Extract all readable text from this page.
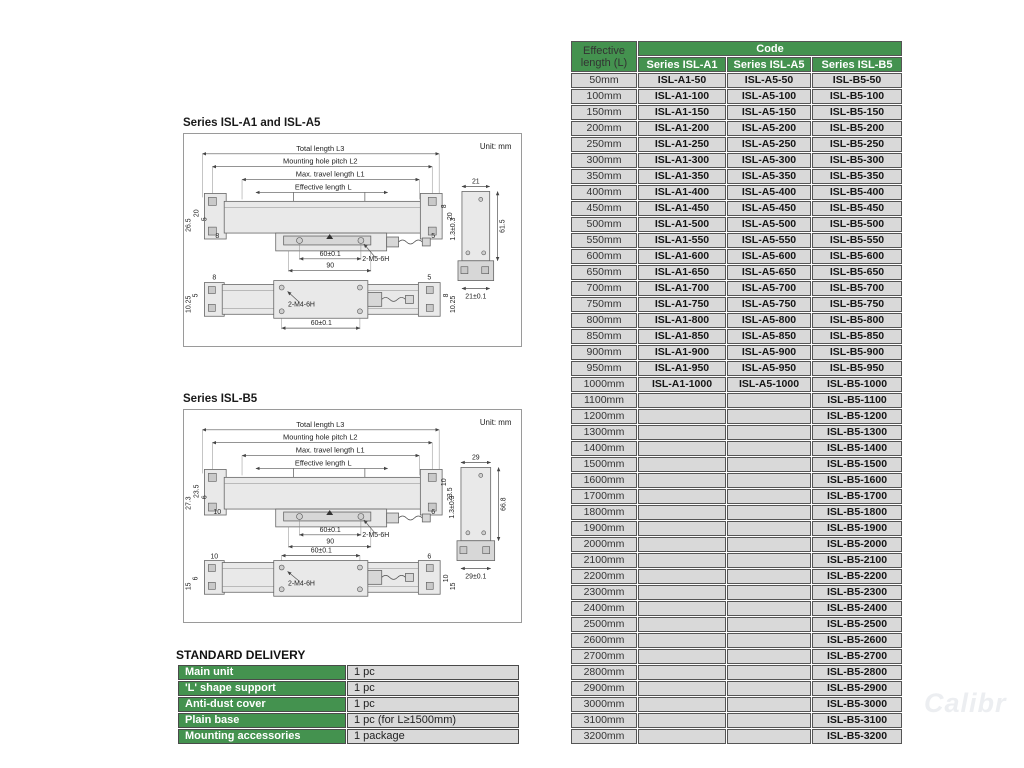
Series ISL-A1 and ISL-A5
Unit: mm
Total length L3
Mounting hole pitch L2
Max. travel length L1
Effective length L
60±0.1
90
2-M5-6H
20
5
26.5
8
8
20
5
2-M4-6H
60±0.1
8
5
10.25
5
8
10.25
21
1.3±0.3	61.5
21±0.1
Series ISL-B5
Unit: mm
Total length L3
Mounting hole pitch L2
Max. travel length L1
Effective length L
60±0.1
90
2-M5-6H
23.5 6
27.3
10
10
23.5
6
60±0.1
2-M4-6H
10
6
15
6
10
15
29
1.3±0.3	66.8
29±0.1
STANDARD DELIVERY
Main unit	1 pc
'L' shape support	1 pc
Anti-dust cover	1 pc
Plain base	1 pc (for L≥1500mm)
Mounting accessories	1 package
Effective length (L)	Code		
	Series ISL-A1	Series ISL-A5	Series ISL-B5
50mm	ISL-A1-50	ISL-A5-50	ISL-B5-50
100mm	ISL-A1-100	ISL-A5-100	ISL-B5-100
150mm	ISL-A1-150	ISL-A5-150	ISL-B5-150
200mm	ISL-A1-200	ISL-A5-200	ISL-B5-200
250mm	ISL-A1-250	ISL-A5-250	ISL-B5-250
300mm	ISL-A1-300	ISL-A5-300	ISL-B5-300
350mm	ISL-A1-350	ISL-A5-350	ISL-B5-350
400mm	ISL-A1-400	ISL-A5-400	ISL-B5-400
450mm	ISL-A1-450	ISL-A5-450	ISL-B5-450
500mm	ISL-A1-500	ISL-A5-500	ISL-B5-500
550mm	ISL-A1-550	ISL-A5-550	ISL-B5-550
600mm	ISL-A1-600	ISL-A5-600	ISL-B5-600
650mm	ISL-A1-650	ISL-A5-650	ISL-B5-650
700mm	ISL-A1-700	ISL-A5-700	ISL-B5-700
750mm	ISL-A1-750	ISL-A5-750	ISL-B5-750
800mm	ISL-A1-800	ISL-A5-800	ISL-B5-800
850mm	ISL-A1-850	ISL-A5-850	ISL-B5-850
900mm	ISL-A1-900	ISL-A5-900	ISL-B5-900
950mm	ISL-A1-950	ISL-A5-950	ISL-B5-950
1000mm	ISL-A1-1000	ISL-A5-1000	ISL-B5-1000
1100mm			ISL-B5-1100
1200mm			ISL-B5-1200
1300mm			ISL-B5-1300
1400mm			ISL-B5-1400
1500mm			ISL-B5-1500
1600mm			ISL-B5-1600
1700mm			ISL-B5-1700
1800mm			ISL-B5-1800
1900mm			ISL-B5-1900
2000mm			ISL-B5-2000
2100mm			ISL-B5-2100
2200mm			ISL-B5-2200
2300mm			ISL-B5-2300
2400mm			ISL-B5-2400
2500mm			ISL-B5-2500
2600mm			ISL-B5-2600
2700mm			ISL-B5-2700
2800mm			ISL-B5-2800
2900mm			ISL-B5-2900
3000mm			ISL-B5-3000
3100mm			ISL-B5-3100
3200mm			ISL-B5-3200
Calibr
